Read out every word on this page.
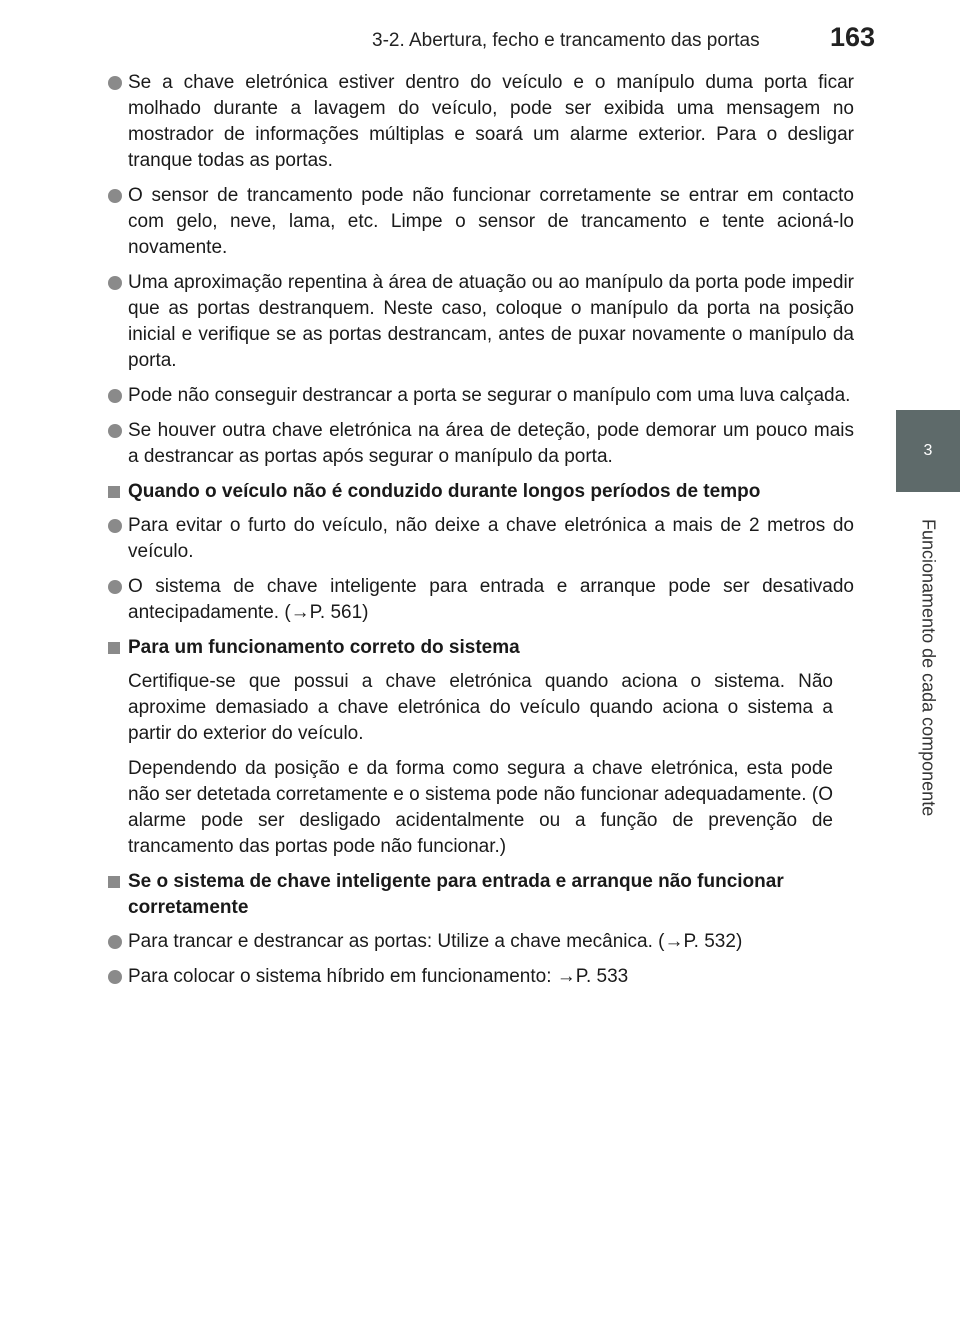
3-2. Abertura, fecho e trancamento das portas	163
3
Funcionamento de cada componente
Se a chave eletrónica estiver dentro do veículo e o manípulo duma porta ficar molhado durante a lavagem do veículo, pode ser exibida uma mensagem no mostrador de informações múltiplas e soará um alarme exterior. Para o desligar tranque todas as portas.
O sensor de trancamento pode não funcionar corretamente se entrar em contacto com gelo, neve, lama, etc. Limpe o sensor de trancamento e tente acioná-lo novamente.
Uma aproximação repentina à área de atuação ou ao manípulo da porta pode impedir que as portas destranquem. Neste caso, coloque o manípulo da porta na posição inicial e verifique se as portas destrancam, antes de puxar novamente o manípulo da porta.
Pode não conseguir destrancar a porta se segurar o manípulo com uma luva calçada.
Se houver outra chave eletrónica na área de deteção, pode demorar um pouco mais a destrancar as portas após segurar o manípulo da porta.
Quando o veículo não é conduzido durante longos períodos de tempo
Para evitar o furto do veículo, não deixe a chave eletrónica a mais de 2 metros do veículo.
O sistema de chave inteligente para entrada e arranque pode ser desativado antecipadamente. (→P. 561)
Para um funcionamento correto do sistema
Certifique-se que possui a chave eletrónica quando aciona o sistema. Não aproxime demasiado a chave eletrónica do veículo quando aciona o sistema a partir do exterior do veículo.
Dependendo da posição e da forma como segura a chave eletrónica, esta pode não ser detetada corretamente e o sistema pode não funcionar adequadamente. (O alarme pode ser desligado acidentalmente ou a função de prevenção de trancamento das portas pode não funcionar.)
Se o sistema de chave inteligente para entrada e arranque não funcionar corretamente
Para trancar e destrancar as portas: Utilize a chave mecânica. (→P. 532)
Para colocar o sistema híbrido em funcionamento: →P. 533
